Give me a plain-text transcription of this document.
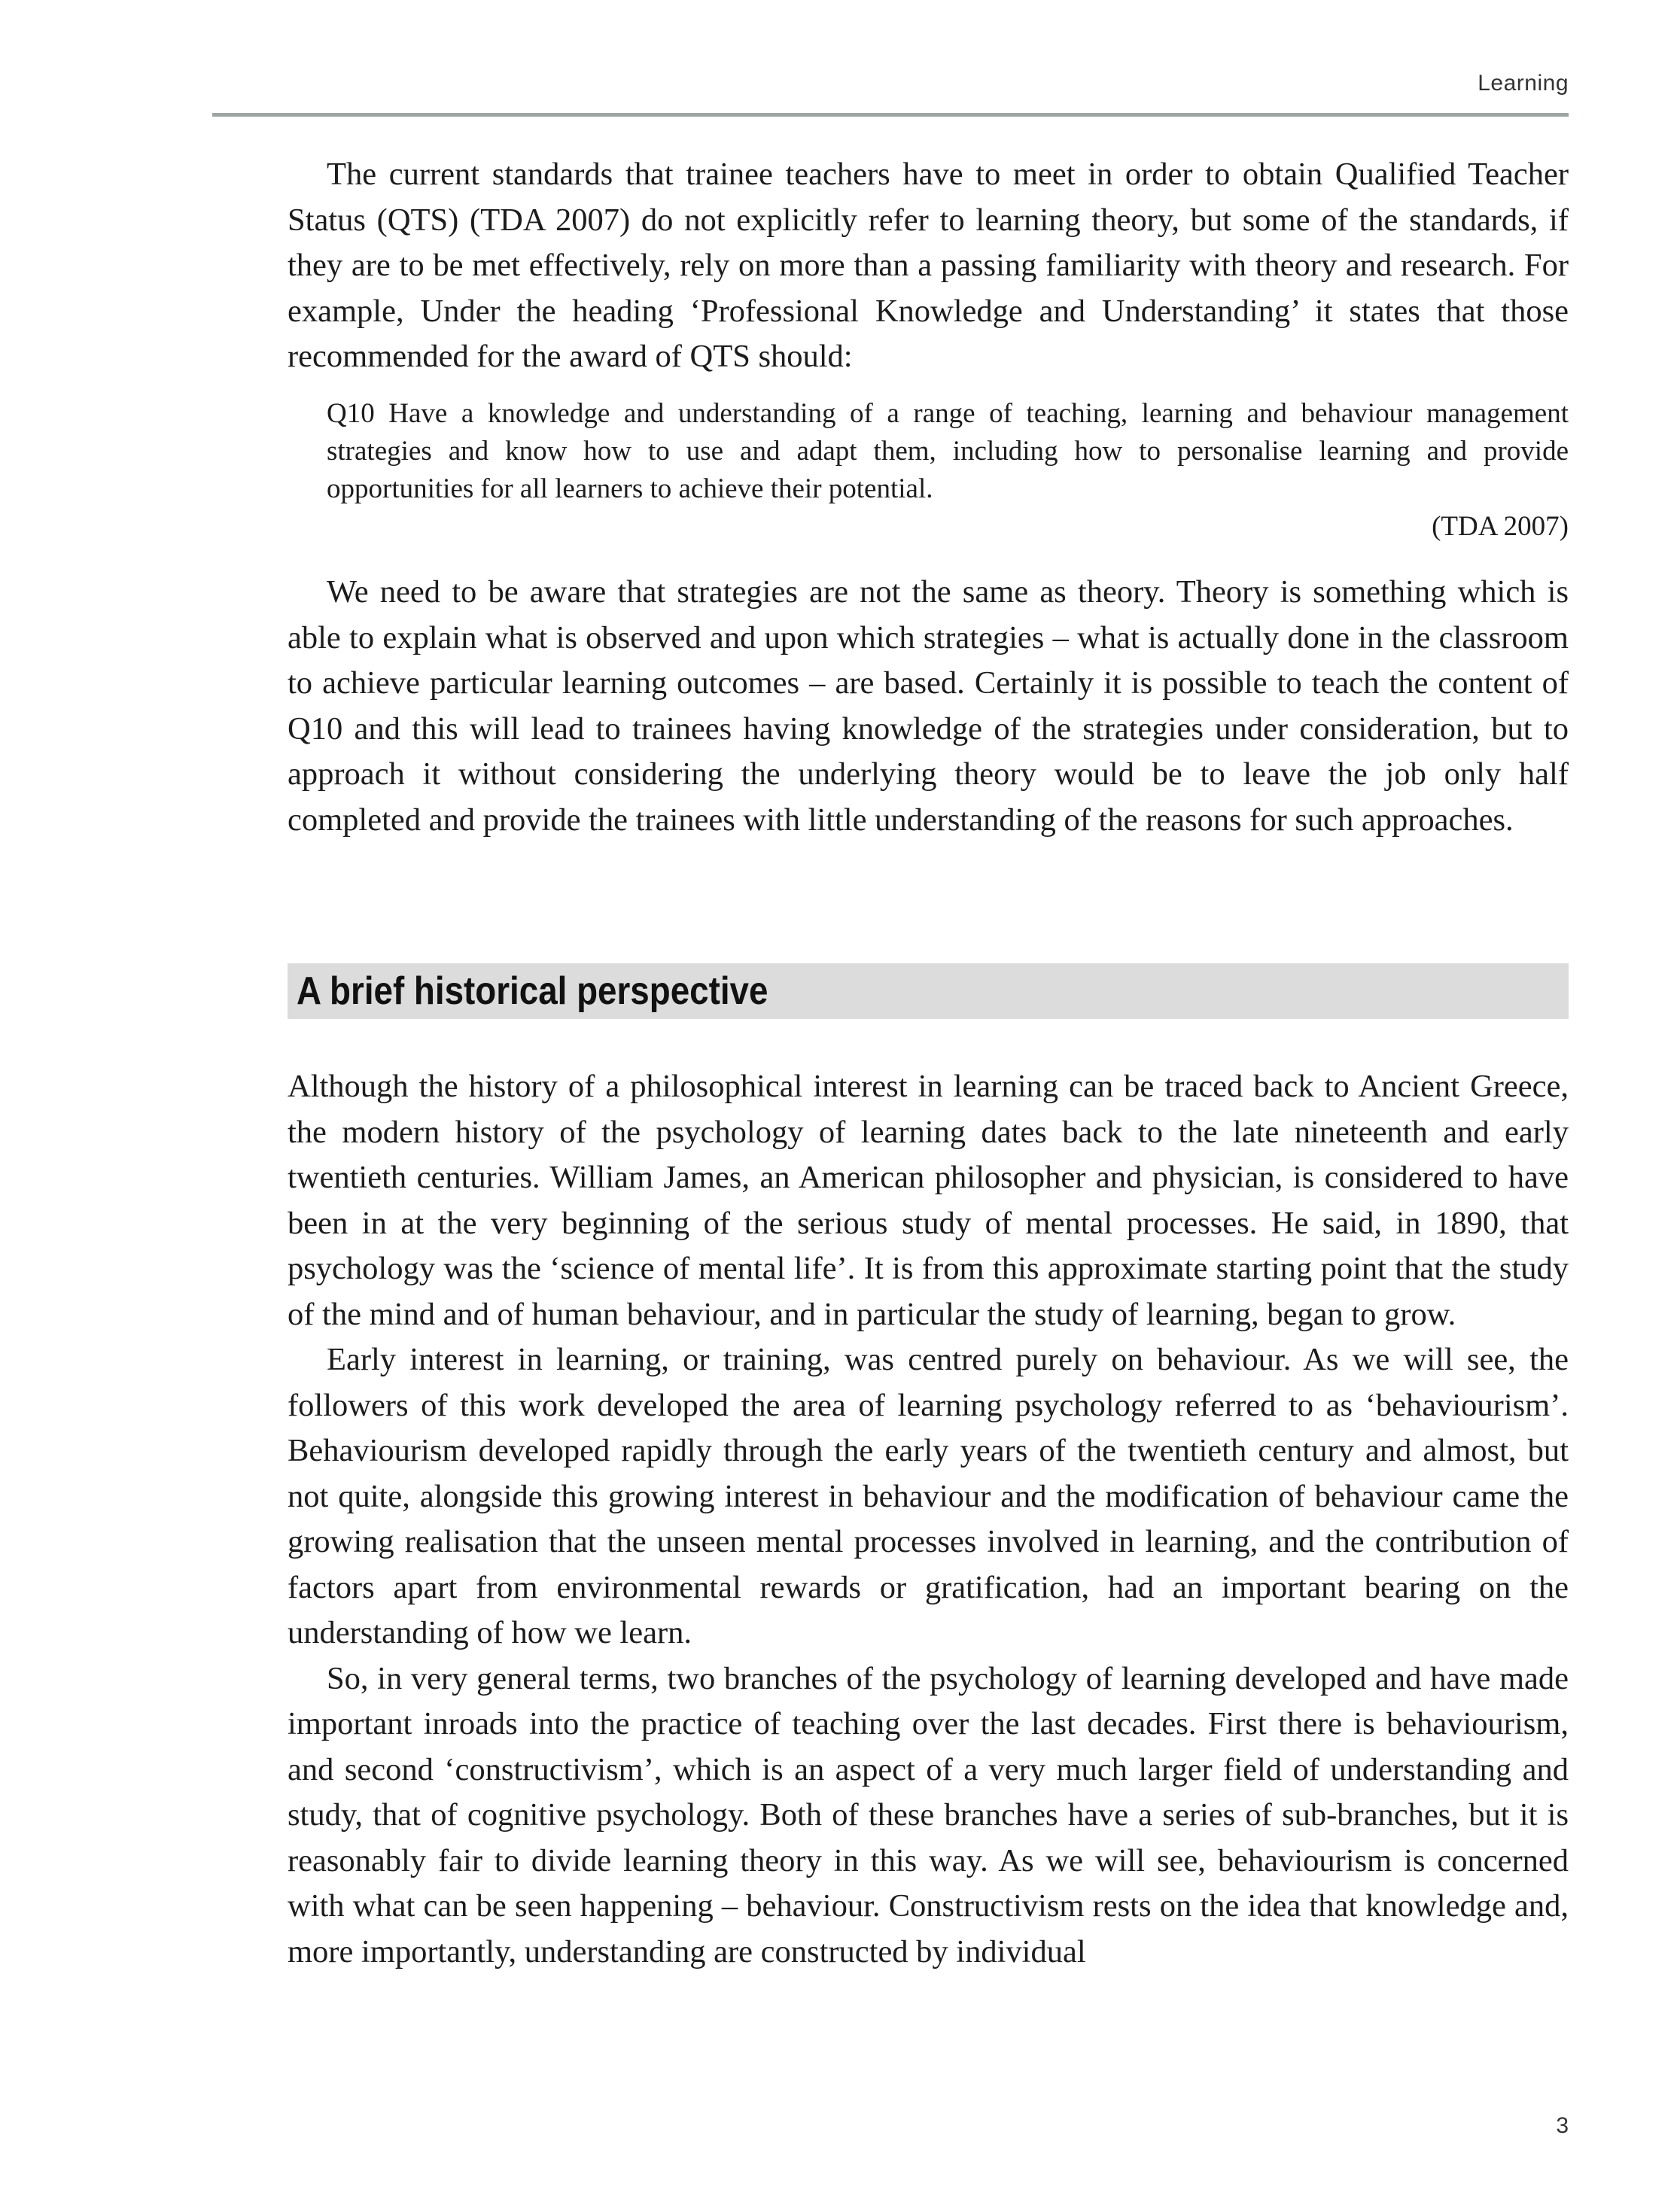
Learning

The current standards that trainee teachers have to meet in order to obtain Qualified Teacher Status (QTS) (TDA 2007) do not explicitly refer to learning theory, but some of the standards, if they are to be met effectively, rely on more than a passing familiarity with theory and research. For example, Under the heading ‘Professional Knowledge and Understanding’ it states that those recommended for the award of QTS should:

Q10 Have a knowledge and understanding of a range of teaching, learning and behaviour management strategies and know how to use and adapt them, including how to personalise learning and provide opportunities for all learners to achieve their potential.

(TDA 2007)

We need to be aware that strategies are not the same as theory. Theory is something which is able to explain what is observed and upon which strategies – what is actually done in the classroom to achieve particular learning outcomes – are based. Certainly it is possible to teach the content of Q10 and this will lead to trainees having knowledge of the strategies under consideration, but to approach it without considering the underlying theory would be to leave the job only half completed and provide the trainees with little understanding of the reasons for such approaches.

A brief historical perspective

Although the history of a philosophical interest in learning can be traced back to Ancient Greece, the modern history of the psychology of learning dates back to the late nineteenth and early twentieth centuries. William James, an American philosopher and physician, is considered to have been in at the very beginning of the serious study of mental processes. He said, in 1890, that psychology was the ‘science of mental life’. It is from this approximate starting point that the study of the mind and of human behaviour, and in particular the study of learning, began to grow.

Early interest in learning, or training, was centred purely on behaviour. As we will see, the followers of this work developed the area of learning psychology referred to as ‘behaviourism’. Behaviourism developed rapidly through the early years of the twentieth century and almost, but not quite, alongside this growing interest in behaviour and the modification of behaviour came the growing realisation that the unseen mental processes involved in learning, and the contribution of factors apart from environmental rewards or gratification, had an important bearing on the understanding of how we learn.

So, in very general terms, two branches of the psychology of learning developed and have made important inroads into the practice of teaching over the last decades. First there is behaviourism, and second ‘constructivism’, which is an aspect of a very much larger field of understanding and study, that of cognitive psychology. Both of these branches have a series of sub-branches, but it is reasonably fair to divide learning theory in this way. As we will see, behaviourism is concerned with what can be seen happening – behaviour. Constructivism rests on the idea that knowledge and, more importantly, understanding are constructed by individual

3
